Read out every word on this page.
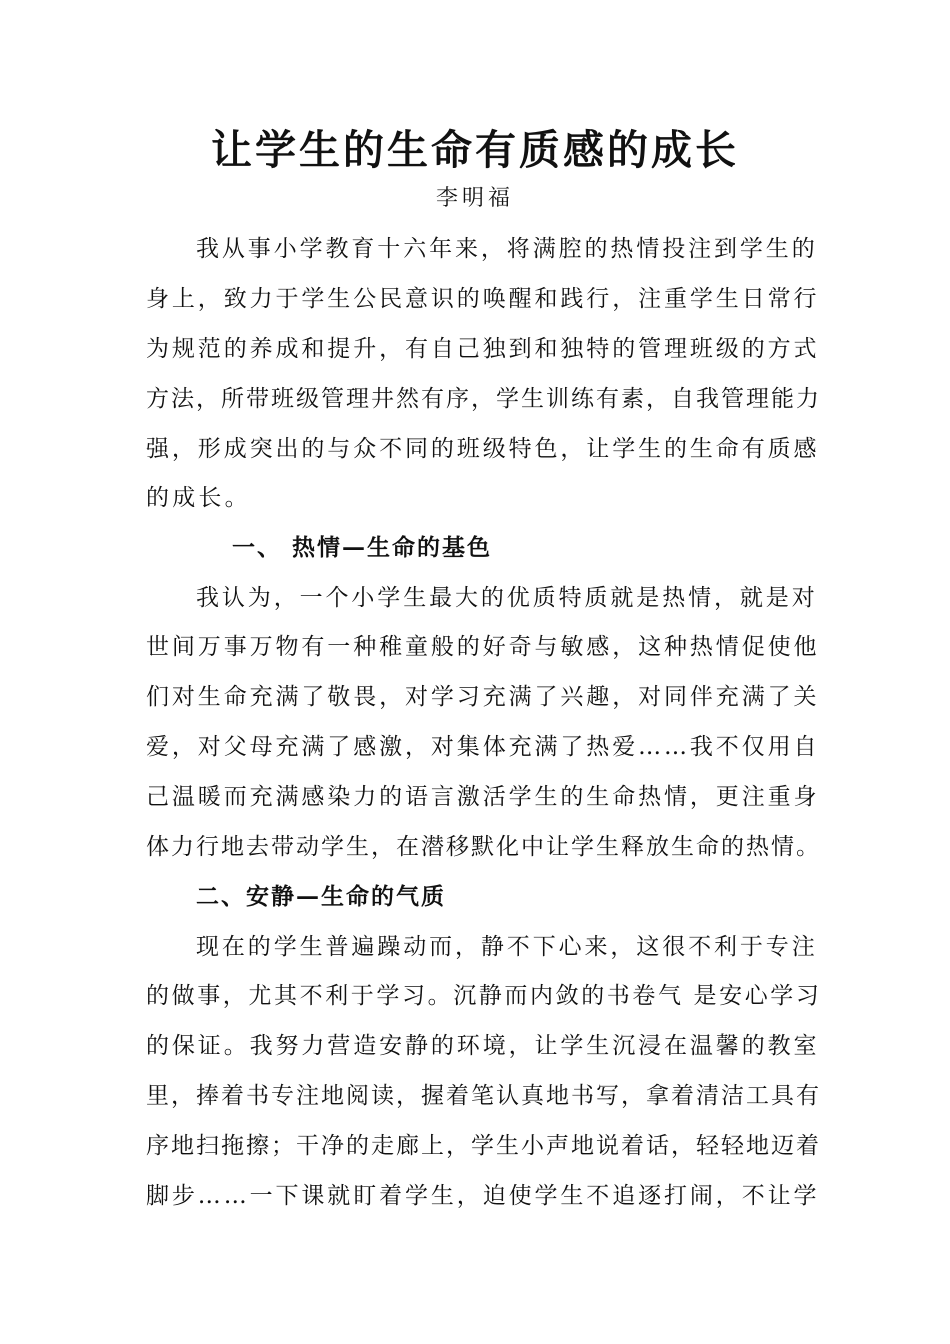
让学生的生命有质感的成长
李明福
我从事小学教育十六年来，将满腔的热情投注到学生的
身上，致力于学生公民意识的唤醒和践行，注重学生日常行
为规范的养成和提升，有自己独到和独特的管理班级的方式
方法，所带班级管理井然有序，学生训练有素，自我管理能力
强，形成突出的与众不同的班级特色，让学生的生命有质感
的成长。
一、 热情—生命的基色
我认为，一个小学生最大的优质特质就是热情，就是对
世间万事万物有一种稚童般的好奇与敏感，这种热情促使他
们对生命充满了敬畏，对学习充满了兴趣，对同伴充满了关
爱，对父母充满了感激，对集体充满了热爱……我不仅用自
己温暖而充满感染力的语言激活学生的生命热情，更注重身
体力行地去带动学生，在潜移默化中让学生释放生命的热情。
二、安静—生命的气质
现在的学生普遍躁动而，静不下心来，这很不利于专注
的做事，尤其不利于学习。沉静而内敛的书卷气 是安心学习
的保证。我努力营造安静的环境，让学生沉浸在温馨的教室
里，捧着书专注地阅读，握着笔认真地书写，拿着清洁工具有
序地扫拖擦；干净的走廊上，学生小声地说着话，轻轻地迈着
脚步……一下课就盯着学生，迫使学生不追逐打闹，不让学
